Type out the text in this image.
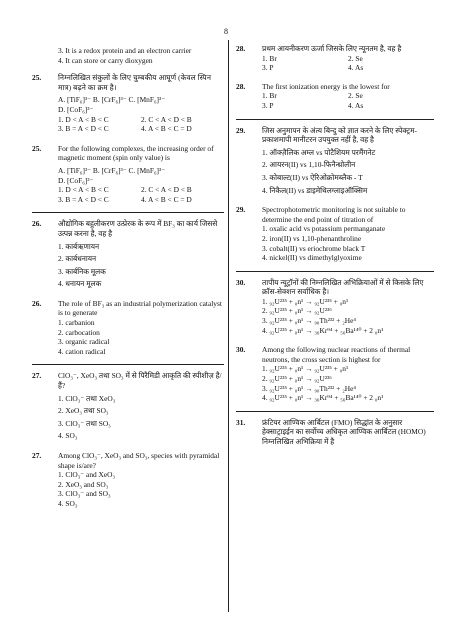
8
3. It is a redox protein and an electron carrier
4. It can store or carry dioxygen
25. निम्नलिखित संकुलों के लिए चुम्बकीय आघूर्ण (केवल स्पिन मात्र) बढ़ने का क्रम है।
A. [TiF₆]³⁻ B. [CrF₆]³⁻ C. [MnF₆]³⁻
D. [CoF₆]³⁻
1. D < A < B < C	2. C < A < D < B
3. B = A < D < C	4. A < B < C = D
25. For the following complexes, the increasing order of magnetic moment (spin only value) is
A. [TiF₆]³⁻ B. [CrF₆]³⁻ C. [MnF₆]³⁻
D. [CoF₆]³⁻
1. D < A < B < C	2. C < A < D < B
3. B = A < D < C	4. A < B < C = D
26. औद्योगिक बहुलीकरण उत्प्रेरक के रूप में BF₃ का कार्य जिससे उत्पन्न करना है, वह है
1. कार्बऋणायन
2. कार्बधनायन
3. कार्बनिक मूलक
4. धनायन मूलक
26. The role of BF₃ as an industrial polymerization catalyst is to generate
1. carbanion
2. carbocation
3. organic radical
4. cation radical
27. ClO₃⁻, XeO₃ तथा SO₃ में से पिरैमिडी आकृति की स्पीशीज़ है/ हैं?
1. ClO₃⁻ तथा XeO₃
2. XeO₃ तथा SO₃
3. ClO₃⁻ तथा SO₃
4. SO₃
27. Among ClO₃⁻, XeO₃ and SO₃, species with pyramidal shape is/are?
1. ClO₃⁻ and XeO₃
2. XeO₃ and SO₃
3. ClO₃⁻ and SO₃
4. SO₃
28. प्रथम आयनीकरण ऊर्जा जिसके लिए न्यूनतम है, वह है
1. Br	2. Se
3. P	4. As
28. The first ionization energy is the lowest for
1. Br	2. Se
3. P	4. As
29. जिस अनुमापन के अंत्य बिन्दु को ज्ञात करने के लिए स्पेक्ट्रम-प्रकाशमापी मानीटरन उपयुक्त नहीं है, वह है
1. ऑक्ज़ैलिक अम्ल vs पोटैशियम परमैंगनेट
2. आयरन(II) vs 1,10-फिनैन्थ्रोलीन
3. कोबाल्ट(II) vs ऐरिओक्रोमब्लैक - T
4. निकैल(II) vs डाइमेथिलग्लाइऑक्सिम
29. Spectrophotometric monitoring is not suitable to determine the end point of titration of
1. oxalic acid vs potassium permanganate
2. iron(II) vs 1,10-phenanthroline
3. cobalt(II) vs eriochrome black T
4. nickel(II) vs dimethylglyoxime
30. तापीय न्यूट्रॉनों की निम्नलिखित अभिक्रियाओं में से किसके लिए क्रॉस-सेक्शन सर्वाधिक है।
1. ₉₂U²³⁵ + ₀n¹ → ₉₂U²³⁵ + ₀n¹
2. ₉₂U²³⁵ + ₀n¹ → ₉₂U²³⁶
3. ₉₂U²³⁵ + ₀n¹ → ₉₀Th²³² + ₂He⁴
4. ₉₂U²³⁵ + ₀n¹ → ₃₆Kr⁹⁴ + ₅₆Ba¹⁴⁰ + 2 ₀n¹
30. Among the following nuclear reactions of thermal neutrons, the cross section is highest for
1. ₉₂U²³⁵ + ₀n¹ → ₉₂U²³⁵ + ₀n¹
2. ₉₂U²³⁵ + ₀n¹ → ₉₂U²³⁶
3. ₉₂U²³⁵ + ₀n¹ → ₉₀Th²³² + ₂He⁴
4. ₉₂U²³⁵ + ₀n¹ → ₃₆Kr⁹⁴ + ₅₆Ba¹⁴⁰ + 2 ₀n¹
31. फ्रंटियर आण्विक आर्बिटल (FMO) सिद्धांत के अनुसार हेक्साट्राइईन का सर्वोच्च अधिकृत आण्विक आर्बिटल (HOMO) निम्नलिखित अभिक्रिया में है
